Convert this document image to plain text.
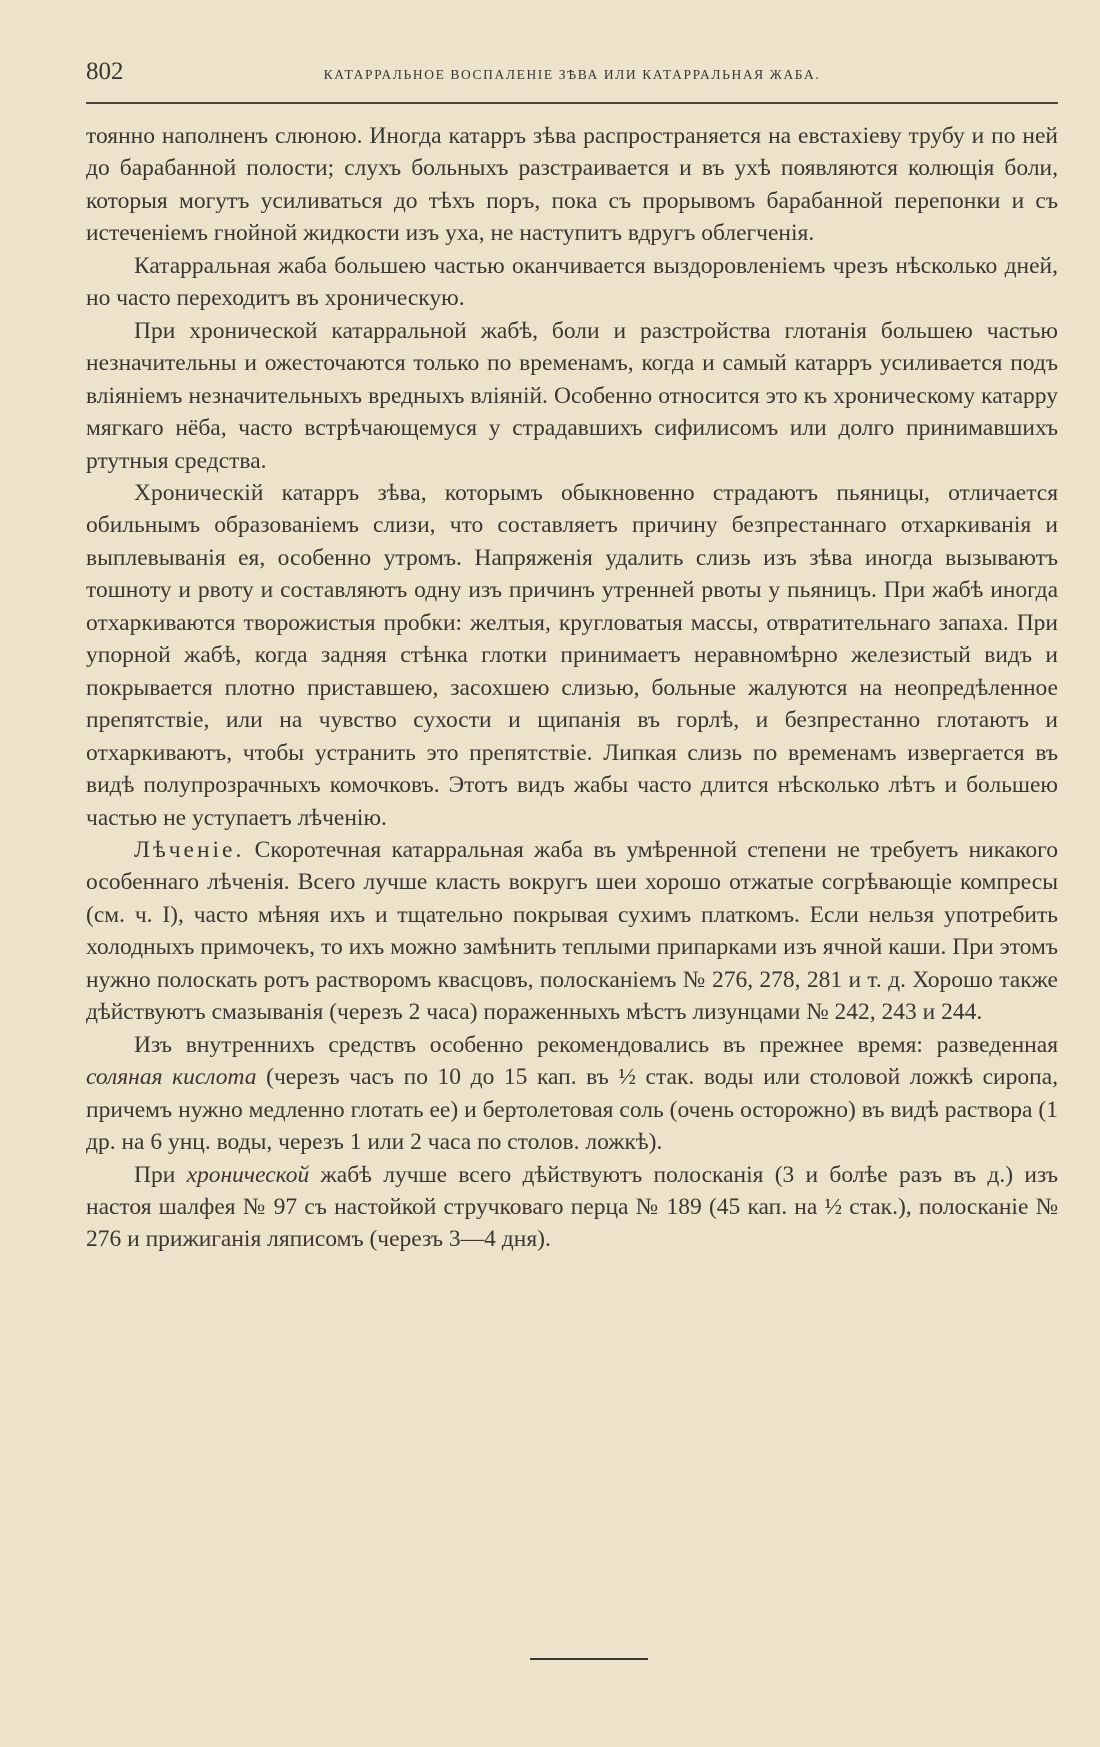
802	КАТАРРАЛЬНОЕ ВОСПАЛЕНІЕ ЗѢВА ИЛИ КАТАРРАЛЬНАЯ ЖАБА.

тоянно наполненъ слюною. Иногда катарръ зѣва распространяется на евстахіеву трубу и по ней до барабанной полости; слухъ больныхъ разстраивается и въ ухѣ появляются колющія боли, которыя могутъ усиливаться до тѣхъ поръ, пока съ прорывомъ барабанной перепонки и съ истеченіемъ гнойной жидкости изъ уха, не наступитъ вдругъ облегченія.

Катарральная жаба большею частью оканчивается выздоровленіемъ чрезъ нѣсколько дней, но часто переходитъ въ хроническую.

При хронической катарральной жабѣ, боли и разстройства глотанія большею частью незначительны и ожесточаются только по временамъ, когда и самый катарръ усиливается подъ вліяніемъ незначительныхъ вредныхъ вліяній. Особенно относится это къ хроническому катарру мягкаго нёба, часто встрѣчающемуся у страдавшихъ сифилисомъ или долго принимавшихъ ртутныя средства.

Хроническій катарръ зѣва, которымъ обыкновенно страдаютъ пьяницы, отличается обильнымъ образованіемъ слизи, что составляетъ причину безпрестаннаго отхаркиванія и выплевыванія ея, особенно утромъ. Напряженія удалить слизь изъ зѣва иногда вызываютъ тошноту и рвоту и составляютъ одну изъ причинъ утренней рвоты у пьяницъ. При жабѣ иногда отхаркиваются творожистыя пробки: желтыя, кругловатыя массы, отвратительнаго запаха. При упорной жабѣ, когда задняя стѣнка глотки принимаетъ неравномѣрно железистый видъ и покрывается плотно приставшею, засохшею слизью, больные жалуются на неопредѣленное препятствіе, или на чувство сухости и щипанія въ горлѣ, и безпрестанно глотаютъ и отхаркиваютъ, чтобы устранить это препятствіе. Липкая слизь по временамъ извергается въ видѣ полупрозрачныхъ комочковъ. Этотъ видъ жабы часто длится нѣсколько лѣтъ и большею частью не уступаетъ лѣченію.

Лѣченіе. Скоротечная катарральная жаба въ умѣренной степени не требуетъ никакого особеннаго лѣченія. Всего лучше класть вокругъ шеи хорошо отжатые согрѣвающіе компресы (см. ч. I), часто мѣняя ихъ и тщательно покрывая сухимъ платкомъ. Если нельзя употребить холодныхъ примочекъ, то ихъ можно замѣнить теплыми припарками изъ ячной каши. При этомъ нужно полоскать ротъ растворомъ квасцовъ, полосканіемъ № 276, 278, 281 и т. д. Хорошо также дѣйствуютъ смазыванія (черезъ 2 часа) пораженныхъ мѣстъ лизунцами № 242, 243 и 244.

Изъ внутреннихъ средствъ особенно рекомендовались въ прежнее время: разведенная соляная кислота (черезъ часъ по 10 до 15 кап. въ ½ стак. воды или столовой ложкѣ сиропа, причемъ нужно медленно глотать ее) и бертолетовая соль (очень осторожно) въ видѣ раствора (1 др. на 6 унц. воды, черезъ 1 или 2 часа по столов. ложкѣ).

При хронической жабѣ лучше всего дѣйствуютъ полосканія (3 и болѣе разъ въ д.) изъ настоя шалфея № 97 съ настойкой стручковаго перца № 189 (45 кап. на ½ стак.), полосканіе № 276 и прижиганія ляписомъ (черезъ 3—4 дня).
